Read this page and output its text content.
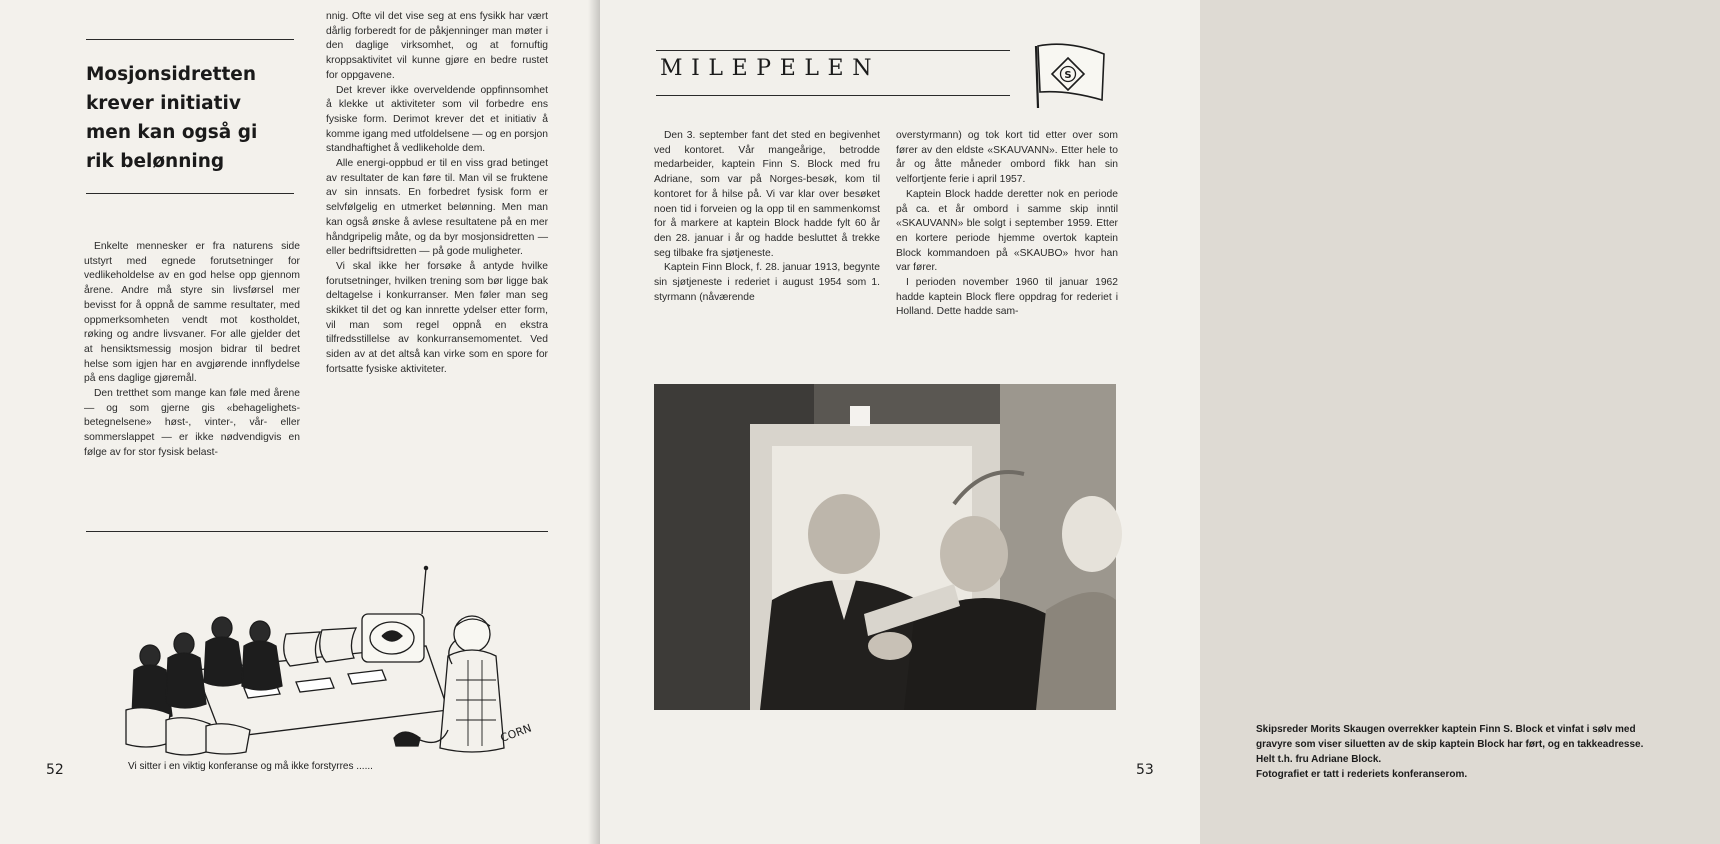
Mosjonsidretten
krever initiativ
men kan også gi
rik belønning

Enkelte mennesker er fra naturens side utstyrt med egnede forutsetninger for vedlikeholdelse av en god helse opp gjennom årene. Andre må styre sin livsførsel mer bevisst for å oppnå de samme resultater, med oppmerksomheten vendt mot kostholdet, røking og andre livsvaner. For alle gjelder det at hensiktsmessig mosjon bidrar til bedret helse som igjen har en avgjørende innflydelse på ens daglige gjøremål.

Den tretthet som mange kan føle med årene — og som gjerne gis «behagelighets-betegnelsene» høst-, vinter-, vår- eller sommerslappet — er ikke nødvendigvis en følge av for stor fysisk belast-

nnig. Ofte vil det vise seg at ens fysikk har vært dårlig forberedt for de påkjenninger man møter i den daglige virksomhet, og at fornuftig kroppsaktivitet vil kunne gjøre en bedre rustet for oppgavene.

Det krever ikke overveldende oppfinnsomhet å klekke ut aktiviteter som vil forbedre ens fysiske form. Derimot krever det et initiativ å komme igang med utfoldelsene — og en porsjon standhaftighet å vedlikeholde dem.

Alle energi-oppbud er til en viss grad betinget av resultater de kan føre til. Man vil se fruktene av sin innsats. En forbedret fysisk form er selvfølgelig en utmerket belønning. Men man kan også ønske å avlese resultatene på en mer håndgripelig måte, og da byr mosjonsidretten — eller bedriftsidretten — på gode muligheter.

Vi skal ikke her forsøke å antyde hvilke forutsetninger, hvilken trening som bør ligge bak deltagelse i konkurranser. Men føler man seg skikket til det og kan innrette ydelser etter form, vil man som regel oppnå en ekstra tilfredsstillelse av konkurransemomentet. Ved siden av at det altså kan virke som en spore for fortsatte fysiske aktiviteter.

CORN
Vi sitter i en viktig konferanse og må ikke forstyrres ......
52
MILEPELEN	S

Den 3. september fant det sted en begivenhet ved kontoret. Vår mangeårige, betrodde medarbeider, kaptein Finn S. Block med fru Adriane, som var på Norges-besøk, kom til kontoret for å hilse på. Vi var klar over besøket noen tid i forveien og la opp til en sammenkomst for å markere at kaptein Block hadde fylt 60 år den 28. januar i år og hadde besluttet å trekke seg tilbake fra sjøtjeneste.

Kaptein Finn Block, f. 28. januar 1913, begynte sin sjøtjeneste i rederiet i august 1954 som 1. styrmann (nåværende

overstyrmann) og tok kort tid etter over som fører av den eldste «SKAUVANN». Etter hele to år og åtte måneder ombord fikk han sin velfortjente ferie i april 1957.

Kaptein Block hadde deretter nok en periode på ca. et år ombord i samme skip inntil «SKAUVANN» ble solgt i september 1959. Etter en kortere periode hjemme overtok kaptein Block kommandoen på «SKAUBO» hvor han var fører.

I perioden november 1960 til januar 1962 hadde kaptein Block flere oppdrag for rederiet i Holland. Dette hadde sam-

Skipsreder Morits Skaugen overrekker kaptein Finn S. Block et vinfat i sølv med
gravyre som viser siluetten av de skip kaptein Block har ført, og en takkeadresse.
Helt t.h. fru Adriane Block.
Fotografiet er tatt i rederiets konferanserom.
53
